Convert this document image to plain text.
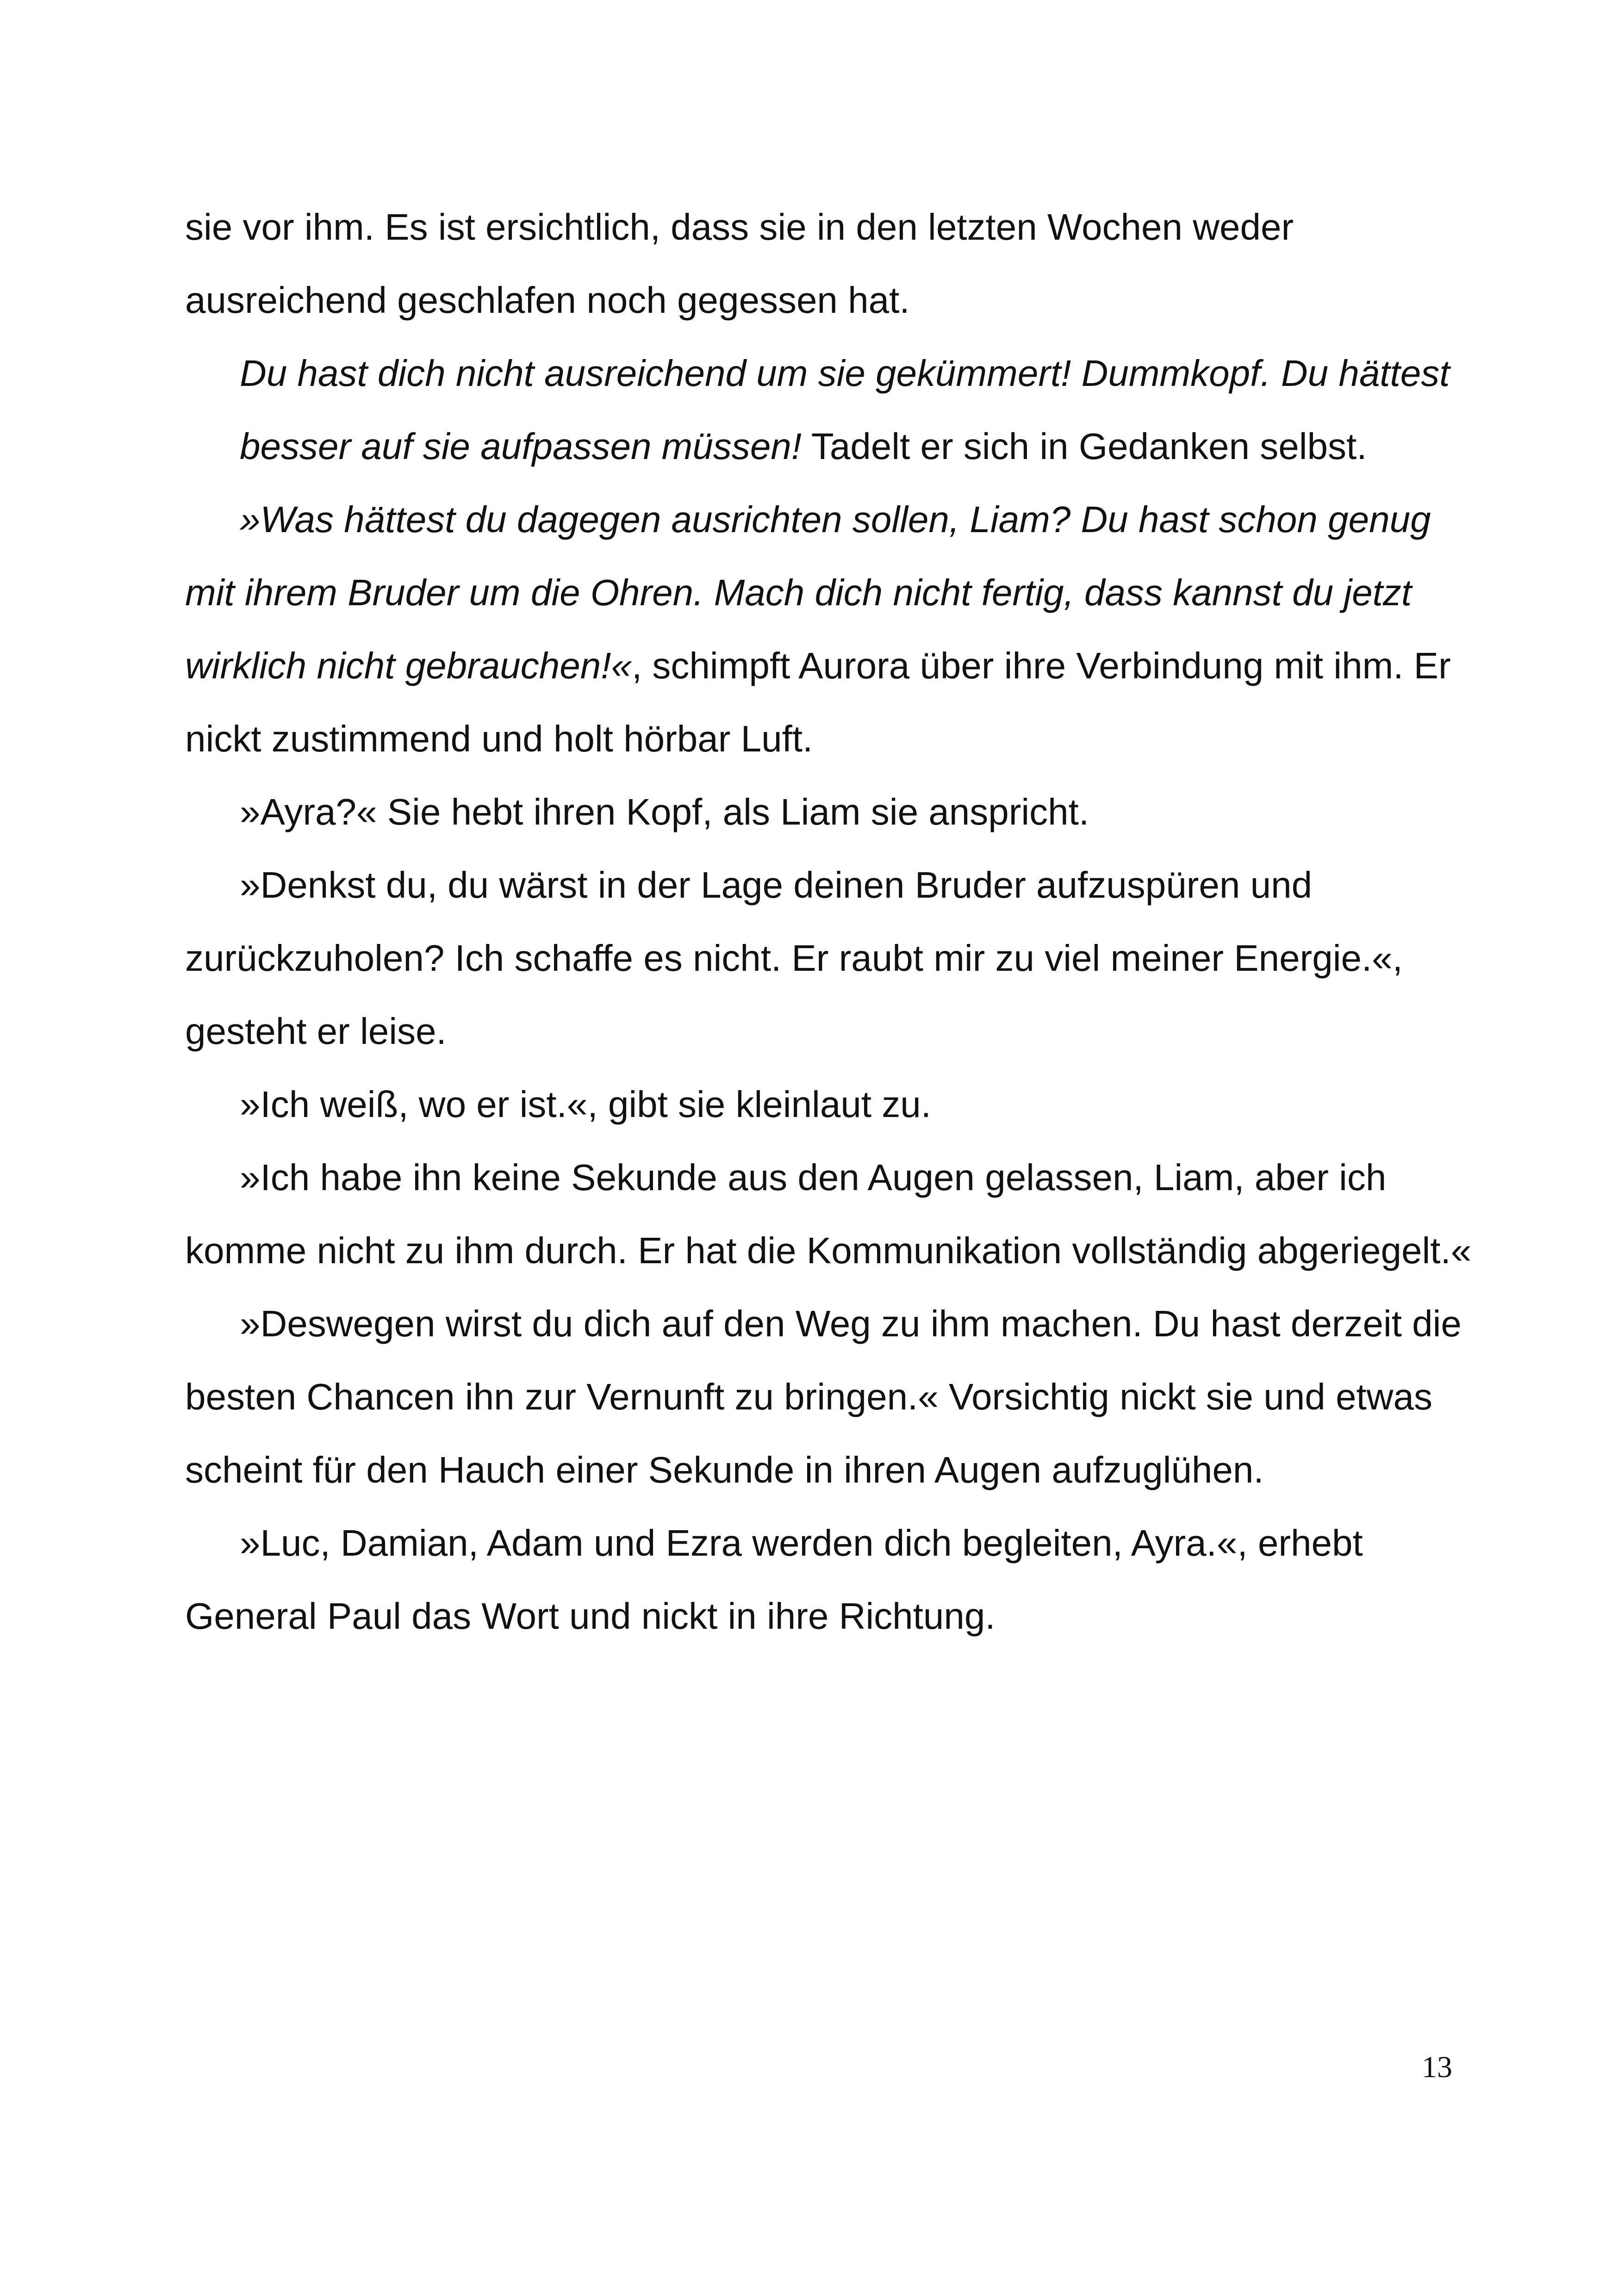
sie vor ihm. Es ist ersichtlich, dass sie in den letzten Wochen weder ausreichend geschlafen noch gegessen hat.

Du hast dich nicht ausreichend um sie gekümmert! Dummkopf. Du hättest besser auf sie aufpassen müssen! Tadelt er sich in Gedanken selbst.

»Was hättest du dagegen ausrichten sollen, Liam? Du hast schon genug mit ihrem Bruder um die Ohren. Mach dich nicht fertig, dass kannst du jetzt wirklich nicht gebrauchen!«, schimpft Aurora über ihre Verbindung mit ihm. Er nickt zustimmend und holt hörbar Luft.

»Ayra?« Sie hebt ihren Kopf, als Liam sie anspricht.

»Denkst du, du wärst in der Lage deinen Bruder aufzuspüren und zurückzuholen? Ich schaffe es nicht. Er raubt mir zu viel meiner Energie.«, gesteht er leise.

»Ich weiß, wo er ist.«, gibt sie kleinlaut zu.

»Ich habe ihn keine Sekunde aus den Augen gelassen, Liam, aber ich komme nicht zu ihm durch. Er hat die Kommunikation vollständig abgeriegelt.«

»Deswegen wirst du dich auf den Weg zu ihm machen. Du hast derzeit die besten Chancen ihn zur Vernunft zu bringen.« Vorsichtig nickt sie und etwas scheint für den Hauch einer Sekunde in ihren Augen aufzuglühen.

»Luc, Damian, Adam und Ezra werden dich begleiten, Ayra.«, erhebt General Paul das Wort und nickt in ihre Richtung.

13
